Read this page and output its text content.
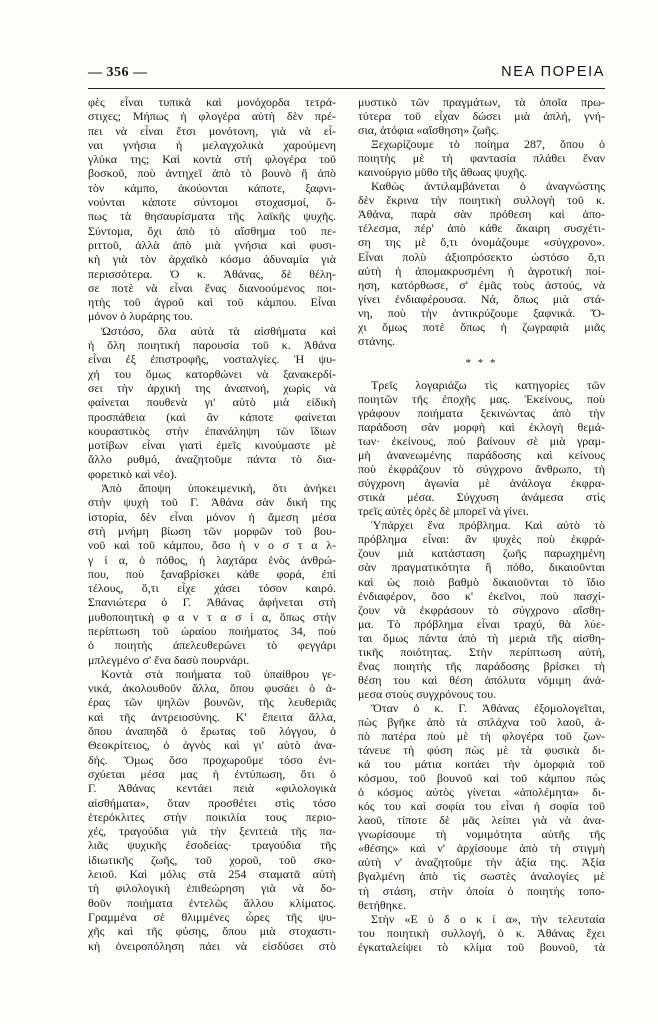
— 356 —	ΝΕΑ ΠΟΡΕΙΑ
φὲς εἶναι τυπικὰ καὶ μονόχορδα τετρά-
στιχες; Μήπως ἡ φλογέρα αὐτὴ δὲν πρέ-
πει νὰ εἶναι ἔτσι μονότονη, γιὰ νὰ εἶ-
ναι γνήσια ἡ μελαγχολικὰ χαρούμενη
γλύκα της; Καὶ κοντὰ στὴ φλογέρα τοῦ
βοσκοῦ, ποὺ ἀντηχεῖ ἀπὸ τὸ βουνὸ ἢ ἀπὸ
τὸν κάμπο, ἀκούονται κάποτε, ξαφνι-
νούνται κάποτε σύντομοι στοχασμοί, ὅ-
πως τὰ θησαυρίσματα τῆς λαϊκῆς ψυχῆς.
Σύντομα, ὄχι ἀπὸ τὸ αἴσθημα τοῦ πε-
ριττοῦ, ἀλλὰ ἀπὸ μιὰ γνήσια καὶ φυσι-
κὴ γιὰ τὸν ἀρχαϊκὸ κόσμο ἀδυναμία γιὰ
περισσότερα. Ὁ κ. Ἀθάνας, δὲ θέλη-
σε ποτὲ νὰ εἶναι ἕνας διανοούμενος ποι-
ητὴς τοῦ ἀγροῦ καὶ τοῦ κάμπου. Εἶναι
μόνον ὁ λυράρης του.
Ὡστόσο, ὅλα αὐτὰ τὰ αἰσθήματα καὶ
ἡ ὅλη ποιητικὴ παρουσία τοῦ κ. Ἀθάνα
εἶναι ἐξ ἐπιστροφῆς, νοσταλγίες. Ἡ ψυ-
χή του ὅμως κατορθώνει νὰ ξανακερδί-
σει τὴν ἀρχική της ἀναπνοή, χωρὶς νὰ
φαίνεται πουθενὰ γι' αὐτὸ μιὰ εἰδικὴ
προσπάθεια (καὶ ἂν κάποτε φαίνεται
κουραστικὸς στὴν ἐπανάληψη τῶν ἴδιων
μοτίβων εἶναι γιατὶ ἐμεῖς κινούμαστε μὲ
ἄλλο ρυθμό, ἀναζητοῦμε πάντα τὸ δια-
φορετικὸ καὶ νέο).
Ἀπὸ ἄποψη ὑποκειμενική, ὅτι ἀνήκει
στὴν ψυχὴ τοῦ Γ. Ἀθάνα σὰν δική της
ἱστορία, δὲν εἶναι μόνον ἡ ἄμεση μέσα
στὴ μνήμη βίωση τῶν μορφῶν τοῦ βου-
νοῦ καὶ τοῦ κάμπου, ὅσο ἡ ν ο σ τ α λ-
γ ί α, ὁ πόθος, ἡ λαχτάρα ἑνὸς ἀνθρώ-
που, ποὺ ξαναβρίσκει κάθε φορά, ἐπὶ
τέλους, ὅ,τι εἶχε χάσει τόσον καιρό.
Σπανιώτερα ὁ Γ. Ἀθάνας ἀφήνεται στὴ
μυθοποιητικὴ φ α ν τ α σ ί α, ὅπως στὴν
περίπτωση τοῦ ὡραίου ποιήματος 34, ποὺ
ὁ ποιητὴς ἀπελευθερώνει τὸ φεγγάρι
μπλεγμένο σ' ἕνα δασὺ πουρνάρι.
Κοντὰ στὰ ποιήματα τοῦ ὑπαίθρου γε-
νικά, ἀκολουθοῦν ἄλλα, ὅπου φυσάει ὁ ἀ-
έρας τῶν ψηλῶν βουνῶν, τῆς λευθεριᾶς
καὶ τῆς ἀντρειοσύνης. Κ' ἔπειτα ἄλλα,
ὅπου ἀναπηδᾶ ὁ ἔρωτας τοῦ λόγγου, ὁ
Θεοκρίτειος, ὁ ἁγνὸς καὶ γι' αὐτὸ ἀνα-
δής. Ὅμως ὅσο προχωροῦμε τόσο ἐνι-
σχύεται μέσα μας ἡ ἐντύπωση, ὅτι ὁ
Γ. Ἀθάνας κεντάει πειὰ «φιλολογικὰ
αἰσθήματα», ὅταν προσθέτει στὶς τόσο
ἑτερόκλιτες στὴν ποικιλία τους περιο-
χές, τραγούδια γιὰ τὴν ξενιτειὰ τῆς πα-
λιᾶς ψυχικῆς ἐσοδείας· τραγούδια τῆς
ἰδιωτικῆς ζωῆς, τοῦ χοροῦ, τοῦ σκο-
λειοῦ. Καὶ μόλις στὰ 254 σταματᾶ αὐτὴ
τὴ φιλολογικὴ ἐπιθεώρηση γιὰ νὰ δο-
θοῦν ποιήματα ἐντελῶς ἄλλου κλίματος.
Γραμμένα σὲ θλιμμένες ὧρες τῆς ψυ-
χῆς καὶ τῆς φύσης, ὅπου μιὰ στοχαστι-
κὴ ὀνειροπόληση πάει νὰ εἰσδύσει στὸ
μυστικὸ τῶν πραγμάτων, τὰ ὁποῖα πρω-
τύτερα τοῦ εἶχαν δώσει μιὰ ἁπλή, γνή-
σια, ἀτόφια «αἴσθηση» ζωῆς.
Ξεχωρίζουμε τὸ ποίημα 287, ὅπου ὁ
ποιητὴς μὲ τὴ φαντασία πλάθει ἕναν
καινούργιο μῦθο τῆς ἄθωας ψυχῆς.
Καθὼς ἀντιλαμβάνεται ὁ ἀναγνώστης
δὲν ἔκρινα τὴν ποιητικὴ συλλογὴ τοῦ κ.
Ἀθάνα, παρὰ σὰν πρόθεση καὶ ἀπο-
τέλεσμα, πέρ' ἀπὸ κάθε ἄκαιρη συσχέτι-
ση της μὲ ὅ,τι ὀνομάζουμε «σύγχρονο».
Εἶναι πολὺ ἀξιοπρόσεκτο ὡστόσο ὅ,τι
αὐτὴ ἡ ἀπομακρυσμένη ἡ ἀγροτικὴ ποί-
ηση, κατόρθωσε, σ' ἐμᾶς τοὺς ἀστούς, νὰ
γίνει ἐνδιαφέρουσα. Νά, ὅπως μιὰ στά-
νη, ποὺ τὴν ἀντικρύζουμε ξαφνικά. Ὄ-
χι ὅμως ποτὲ ὅπως ἡ ζωγραφιὰ μιᾶς
στάνης.
* * *
Τρεῖς λογαριάζω τὶς κατηγορίες τῶν
ποιητῶν τῆς ἐποχῆς μας. Ἐκείνους, ποὺ
γράφουν ποιήματα ξεκινώντας ἀπὸ τὴν
παράδοση σὰν μορφὴ καὶ ἐκλογὴ θεμά-
των· ἐκείνους, ποὺ βαίνουν σὲ μιὰ γραμ-
μὴ ἀνανεωμένης παράδοσης καὶ κείνους
ποὺ ἐκφράζουν τὸ σύγχρονο ἄνθρωπο, τὴ
σύγχρονη ἀγωνία μὲ ἀνάλογα ἐκφρα-
στικὰ μέσα. Σύγχυση ἀνάμεσα στὶς
τρεῖς αὐτὲς ὁρὲς δὲ μπορεῖ νὰ γίνει.
Ὑπάρχει ἕνα πρόβλημα. Καὶ αὐτὸ τὸ
πρόβλημα εἶναι: ἂν ψυχὲς ποὺ ἐκφρά-
ζουν μιὰ κατάσταση ζωῆς παρωχημένη
σὰν πραγματικότητα ἢ πόθο, δικαιοῦνται
καὶ ὡς ποιὸ βαθμὸ δικαιοῦνται τὸ ἴδιο
ἐνδιαφέρον, ὅσο κ' ἐκεῖνοι, ποὺ πασχί-
ζουν νὰ ἐκφράσουν τὸ σύγχρονο αἴσθη-
μα. Τὸ πρόβλημα εἶναι τραχύ, θὰ λύε-
ται ὅμως πάντα ἀπὸ τὴ μεριὰ τῆς αἰσθη-
τικῆς ποιότητας. Στὴν περίπτωση αὐτή,
ἕνας ποιητὴς τῆς παράδοσης βρίσκει τὴ
θέση του καὶ θέση ἀπόλυτα νόμιμη ἀνά-
μεσα στοὺς συγχρόνους του.
Ὅταν ὁ κ. Γ. Ἀθάνας ἐξομολογεῖται,
πὼς βγῆκε ἀπὸ τὰ σπλάχνα τοῦ λαοῦ, ἀ-
πὸ πατέρα ποὺ μὲ τὴ φλογέρα τοῦ ζων-
τάνευε τὴ φύση πὼς μὲ τὰ φυσικὰ δι-
κά του μάτια κοιτάει τὴν ὁμορφιὰ τοῦ
κόσμου, τοῦ βουνοῦ καὶ τοῦ κάμπου πὼς
ὁ κόσμος αὐτὸς γίνεται «ἀπολέμητα» δι-
κός του καὶ σοφία του εἶναι ἡ σοφία τοῦ
λαοῦ, τίποτε δὲ μᾶς λείπει γιὰ νὰ ἀνα-
γνωρίσουμε τὴ νομιμότητα αὐτῆς τῆς
«θέσης» καὶ ν' ἀρχίσουμε ἀπὸ τὴ στιγμὴ
αὐτὴ ν' ἀναζητοῦμε τὴν ἀξία της. Ἀξία
βγαλμένη ἀπὸ τὶς σωστὲς ἀναλογίες μὲ
τὴ στάση, στὴν ὁποία ὁ ποιητὴς τοπο-
θετήθηκε.
Στὴν «Ε ὐ δ ο κ ί α», τὴν τελευταία
του ποιητικὴ συλλογή, ὁ κ. Ἀθάνας ἔχει
ἐγκαταλείψει τὸ κλίμα τοῦ βουνοῦ, τὰ
